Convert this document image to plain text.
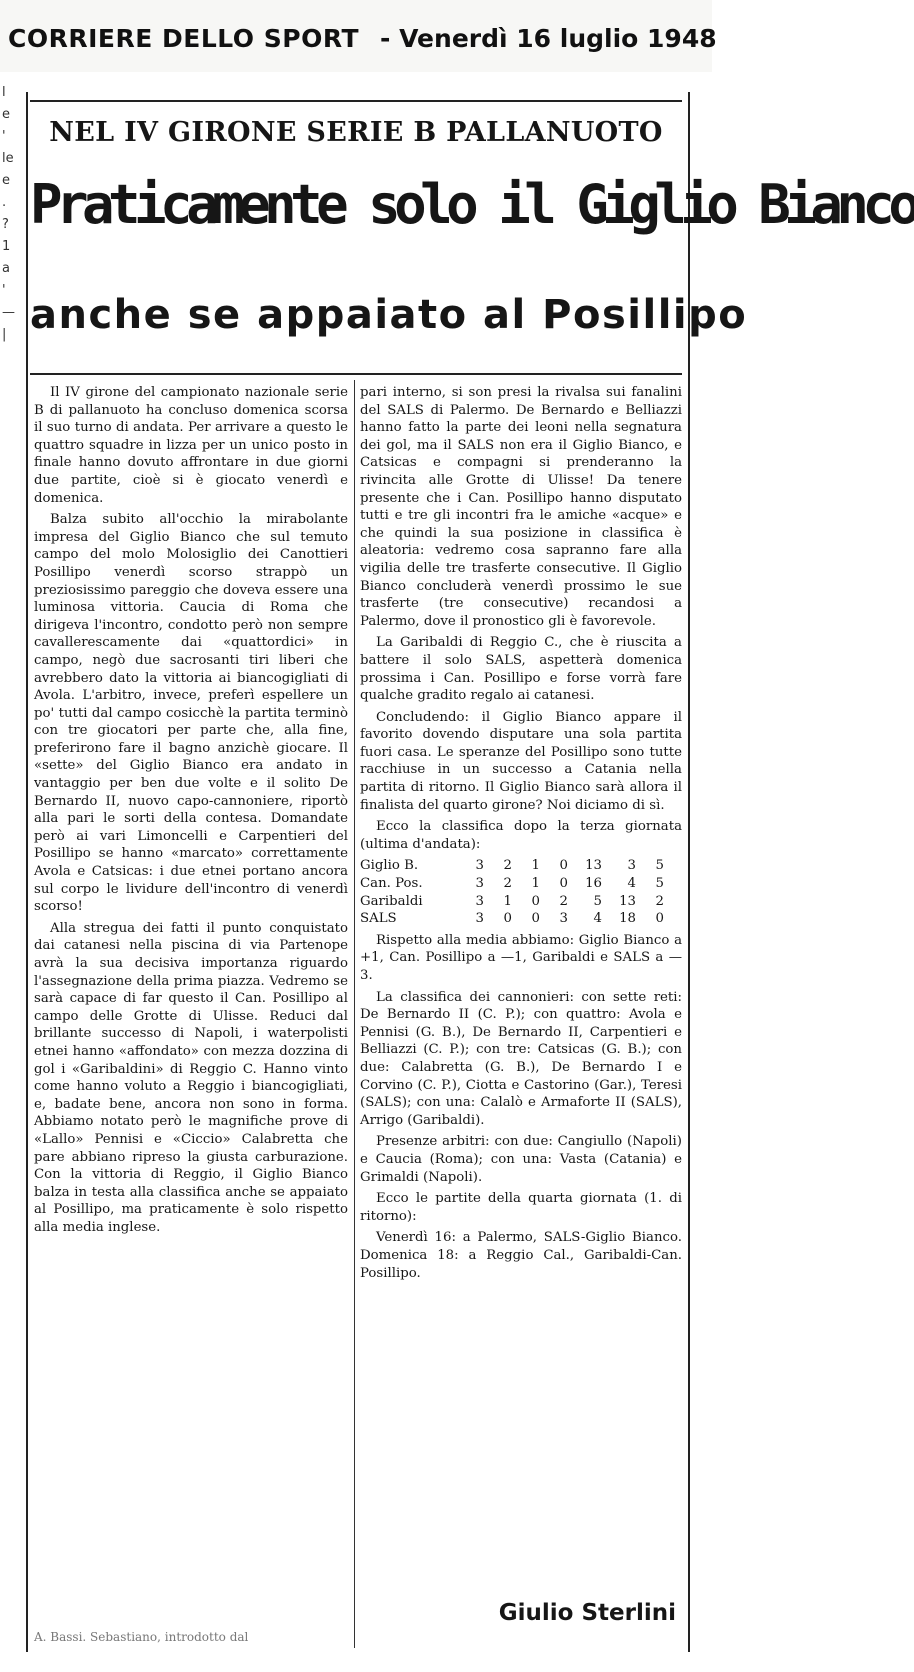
CORRIERE DELLO SPORT - Venerdì 16 luglio 1948
l
e
'
le
e
.
?
1
a
'
—
|
NEL IV GIRONE SERIE B PALLANUOTO
Praticamente solo il Giglio Bianco
anche se appaiato al Posillipo

Il IV girone del campionato nazionale serie B di pallanuoto ha concluso domenica scorsa il suo turno di andata. Per arrivare a questo le quattro squadre in lizza per un unico posto in finale hanno dovuto affrontare in due giorni due partite, cioè si è giocato venerdì e domenica.

Balza subito all'occhio la mirabolante impresa del Giglio Bianco che sul temuto campo del molo Molosiglio dei Canottieri Posillipo venerdì scorso strappò un preziosissimo pareggio che doveva essere una luminosa vittoria. Caucia di Roma che dirigeva l'incontro, condotto però non sempre cavallerescamente dai «quattordici» in campo, negò due sacrosanti tiri liberi che avrebbero dato la vittoria ai biancogigliati di Avola. L'arbitro, invece, preferì espellere un po' tutti dal campo cosicchè la partita terminò con tre giocatori per parte che, alla fine, preferirono fare il bagno anzichè giocare. Il «sette» del Giglio Bianco era andato in vantaggio per ben due volte e il solito De Bernardo II, nuovo capo-cannoniere, riportò alla pari le sorti della contesa. Domandate però ai vari Limoncelli e Carpentieri del Posillipo se hanno «marcato» correttamente Avola e Catsicas: i due etnei portano ancora sul corpo le lividure dell'incontro di venerdì scorso!

Alla stregua dei fatti il punto conquistato dai catanesi nella piscina di via Partenope avrà la sua decisiva importanza riguardo l'assegnazione della prima piazza. Vedremo se sarà capace di far questo il Can. Posillipo al campo delle Grotte di Ulisse. Reduci dal brillante successo di Napoli, i waterpolisti etnei hanno «affondato» con mezza dozzina di gol i «Garibaldini» di Reggio C. Hanno vinto come hanno voluto a Reggio i biancogigliati, e, badate bene, ancora non sono in forma. Abbiamo notato però le magnifiche prove di «Lallo» Pennisi e «Ciccio» Calabretta che pare abbiano ripreso la giusta carburazione. Con la vittoria di Reggio, il Giglio Bianco balza in testa alla classifica anche se appaiato al Posillipo, ma praticamente è solo rispetto alla media inglese.

pari interno, si son presi la rivalsa sui fanalini del SALS di Palermo. De Bernardo e Belliazzi hanno fatto la parte dei leoni nella segnatura dei gol, ma il SALS non era il Giglio Bianco, e Catsicas e compagni si prenderanno la rivincita alle Grotte di Ulisse! Da tenere presente che i Can. Posillipo hanno disputato tutti e tre gli incontri fra le amiche «acque» e che quindi la sua posizione in classifica è aleatoria: vedremo cosa sapranno fare alla vigilia delle tre trasferte consecutive. Il Giglio Bianco concluderà venerdì prossimo le sue trasferte (tre consecutive) recandosi a Palermo, dove il pronostico gli è favorevole.

La Garibaldi di Reggio C., che è riuscita a battere il solo SALS, aspetterà domenica prossima i Can. Posillipo e forse vorrà fare qualche gradito regalo ai catanesi.

Concludendo: il Giglio Bianco appare il favorito dovendo disputare una sola partita fuori casa. Le speranze del Posillipo sono tutte racchiuse in un successo a Catania nella partita di ritorno. Il Giglio Bianco sarà allora il finalista del quarto girone? Noi diciamo di sì.

Ecco la classifica dopo la terza giornata (ultima d'andata):

Giglio B.	3	2	1	0	13	3	5
Can. Pos.	3	2	1	0	16	4	5
Garibaldi	3	1	0	2	5	13	2
SALS	3	0	0	3	4	18	0

Rispetto alla media abbiamo: Giglio Bianco a +1, Can. Posillipo a —1, Garibaldi e SALS a —3.

La classifica dei cannonieri: con sette reti: De Bernardo II (C. P.); con quattro: Avola e Pennisi (G. B.), De Bernardo II, Carpentieri e Belliazzi (C. P.); con tre: Catsicas (G. B.); con due: Calabretta (G. B.), De Bernardo I e Corvino (C. P.), Ciotta e Castorino (Gar.), Teresi (SALS); con una: Calalò e Armaforte II (SALS), Arrigo (Garibaldi).

Presenze arbitri: con due: Cangiullo (Napoli) e Caucia (Roma); con una: Vasta (Catania) e Grimaldi (Napoli).

Ecco le partite della quarta giornata (1. di ritorno):

Venerdì 16: a Palermo, SALS-Giglio Bianco. Domenica 18: a Reggio Cal., Garibaldi-Can. Posillipo.

A. Bassi. Sebastiano, introdotto dal
Giulio Sterlini
